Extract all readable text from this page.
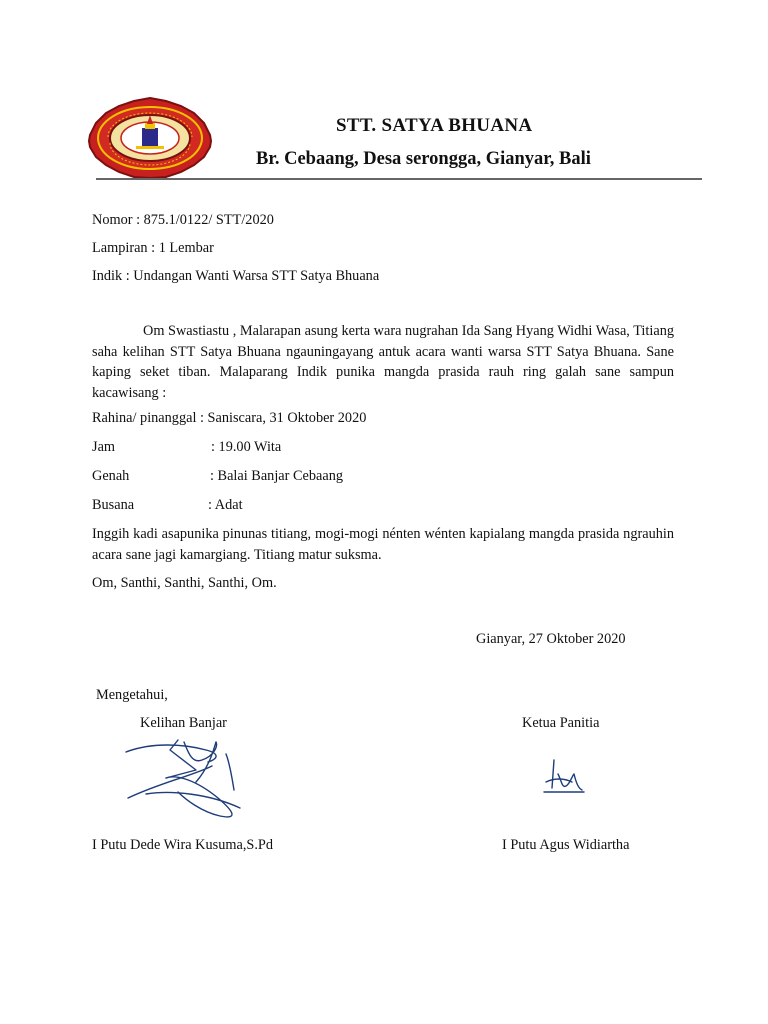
STT. SATYA BHUANA
Br. Cebaang, Desa serongga, Gianyar, Bali
Nomor : 875.1/0122/ STT/2020
Lampiran : 1 Lembar
Indik : Undangan Wanti Warsa STT Satya Bhuana
Om Swastiastu , Malarapan asung kerta wara nugrahan Ida Sang Hyang Widhi Wasa, Titiang saha kelihan STT Satya Bhuana ngauningayang antuk acara wanti warsa STT Satya Bhuana. Sane kaping seket tiban. Malaparang Indik punika mangda prasida rauh ring galah sane sampun kacawisang :
Rahina/ pinanggal : Saniscara, 31 Oktober 2020
Jam	: 19.00 Wita
Genah	: Balai Banjar Cebaang
Busana	: Adat
Inggih kadi asapunika pinunas titiang, mogi-mogi nénten wénten kapialang mangda prasida ngrauhin acara sane jagi kamargiang. Titiang matur suksma.
Om, Santhi, Santhi, Santhi, Om.
Gianyar, 27 Oktober 2020
Mengetahui,
Kelihan Banjar	Ketua Panitia
I Putu Dede Wira Kusuma,S.Pd	I Putu Agus Widiartha
